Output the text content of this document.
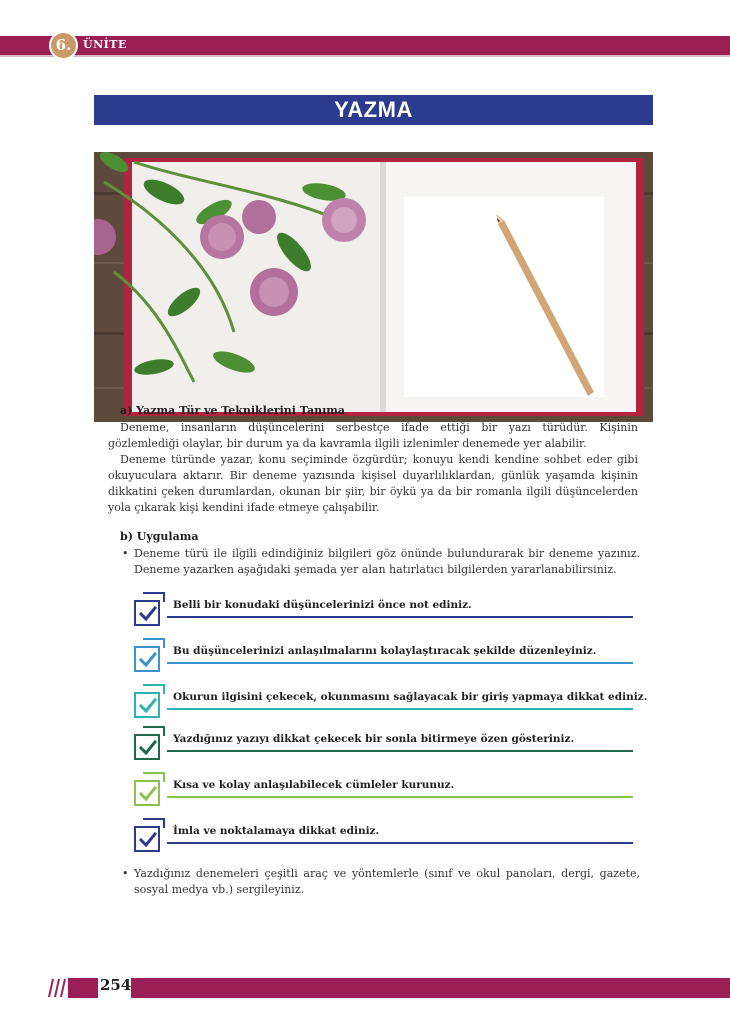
6.	ÜNİTE
YAZMA
a) Yazma Tür ve Tekniklerini Tanıma
Deneme, insanların düşüncelerini serbestçe ifade ettiği bir yazı türüdür. Kişinin gözlemlediği olaylar, bir durum ya da kavramla ilgili izlenimler denemede yer alabilir.
Deneme türünde yazar, konu seçiminde özgürdür; konuyu kendi kendine sohbet eder gibi okuyuculara aktarır. Bir deneme yazısında kişisel duyarlılıklardan, günlük yaşamda kişinin dikkatini çeken durumlardan, okunan bir şiir, bir öykü ya da bir romanla ilgili düşüncelerden yola çıkarak kişi kendini ifade etmeye çalışabilir.
b) Uygulama
• Deneme türü ile ilgili edindiğiniz bilgileri göz önünde bulundurarak bir deneme yazınız. Deneme yazarken aşağıdaki şemada yer alan hatırlatıcı bilgilerden yararlanabilirsiniz.
Belli bir konudaki düşüncelerinizi önce not ediniz.
Bu düşüncelerinizi anlaşılmalarını kolaylaştıracak şekilde düzenleyiniz.
Okurun ilgisini çekecek, okunmasını sağlayacak bir giriş yapmaya dikkat ediniz.
Yazdığınız yazıyı dikkat çekecek bir sonla bitirmeye özen gösteriniz.
Kısa ve kolay anlaşılabilecek cümleler kurunuz.
İmla ve noktalamaya dikkat ediniz.
• Yazdığınız denemeleri çeşitli araç ve yöntemlerle (sınıf ve okul panoları, dergi, gazete, sosyal medya vb.) sergileyiniz.
254
